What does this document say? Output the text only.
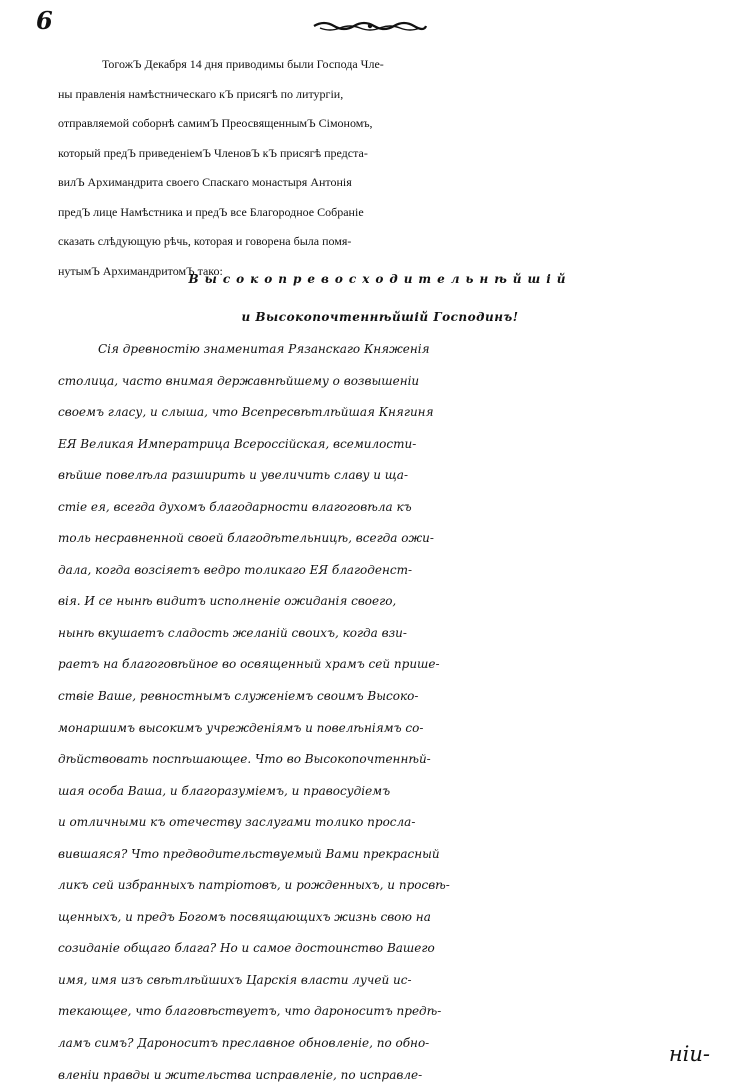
6
ТогожЪ Декабря 14 дня приводимы были Господа Чле-
ны правленія намѣстническаго кЪ присягѣ по литургіи,
отправляемой соборнѣ самимЪ ПреосвященнымЪ Сімономъ,
который предЪ приведеніемЪ ЧленовЪ кЪ присягѣ предста-
вилЪ Архимандрита своего Спаскаго монастыря Антонія
предЪ лице Намѣстника и предЪ все Благородное Собраніе
сказать слѣдующую рѣчь, которая и говорена была помя-
нутымЪ АрхимандритомЪ тако:
Высокопревосходительнѣйшій
и Высокопочтеннѣйшій Господинъ!
Сія древностію знаменитая Рязанскаго Княженія
столица, часто внимая державнѣйшему о возвышеніи
своемъ гласу, и слыша, что Всепресвѣтлѣйшая Княгиня
ЕЯ Великая Императрица Всероссійская, всемилости-
вѣйше повелѣла разширить и увеличить славу и ща-
стіе ея, всегда духомъ благодарности влагоговѣла къ
толь несравненной своей благодѣтельницѣ, всегда ожи-
дала, когда возсіяетъ ведро толикаго ЕЯ благоденст-
вія. И се нынѣ видитъ исполненіе ожиданія своего,
нынѣ вкушаетъ сладость желаній своихъ, когда взи-
раетъ на благоговѣйное во освященный храмъ сей прише-
ствіе Ваше, ревностнымъ служеніемъ своимъ Высоко-
монаршимъ высокимъ учрежденіямъ и повелѣніямъ со-
дѣйствовать поспѣшающее. Что во Высокопочтеннѣй-
шая особа Ваша, и благоразуміемъ, и правосудіемъ
и отличными къ отечеству заслугами толико просла-
вившаяся? Что предводительствуемый Вами прекрасный
ликъ сей избранныхъ патріотовъ, и рожденныхъ, и просвѣ-
щенныхъ, и предъ Богомъ посвящающихъ жизнь свою на
созиданіе общаго блага? Но и самое достоинство Вашего
имя, имя изъ свѣтлѣйшихъ Царскія власти лучей ис-
текающее, что благовѣствуетъ, что дароноситъ предѣ-
ламъ симъ? Дароноситъ преславное обновленіе, по обно-
вленіи правды и жительства исправленіе, по исправле-
ніи-
